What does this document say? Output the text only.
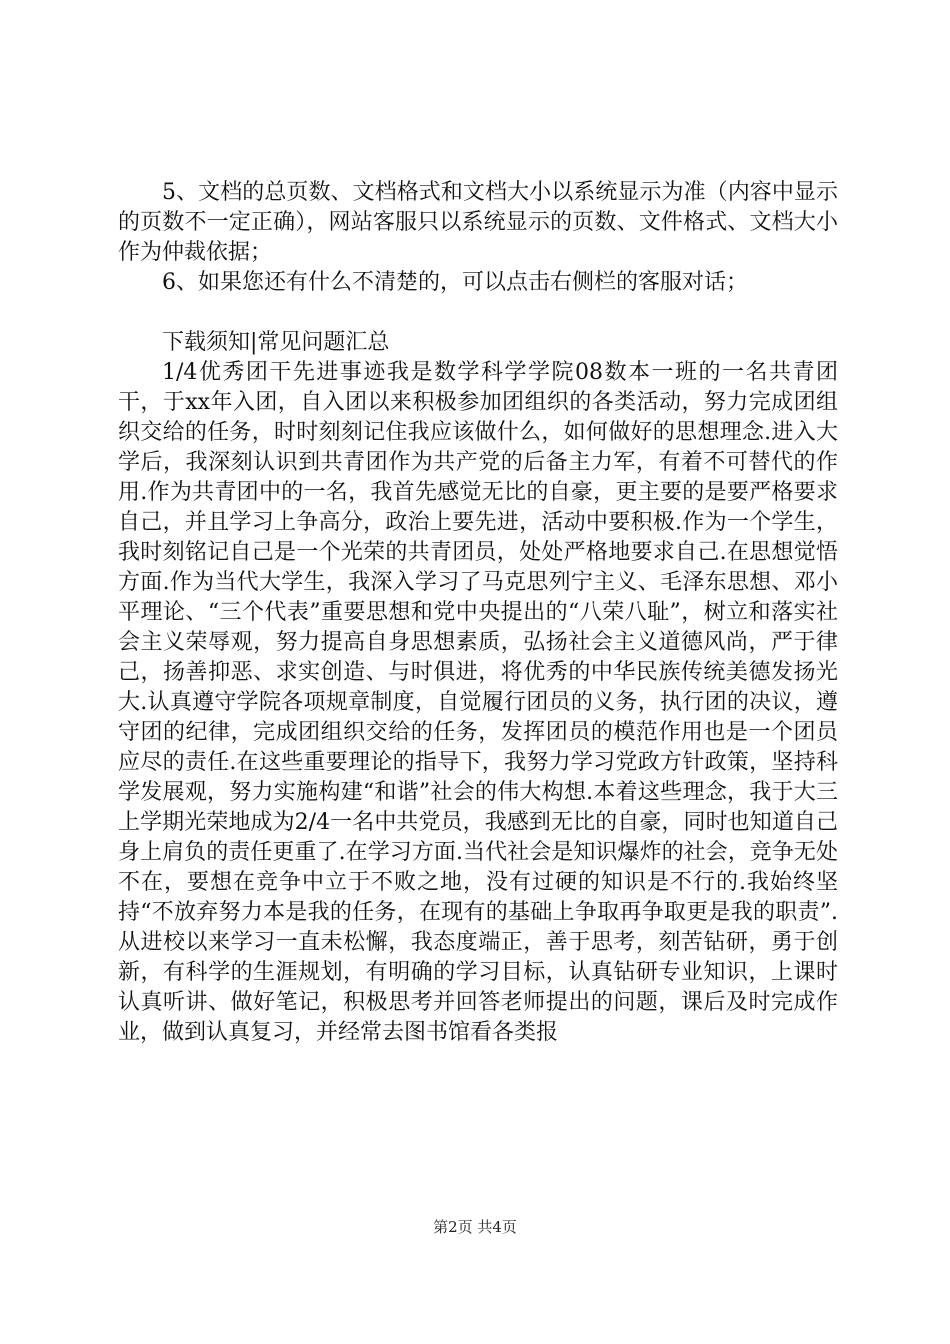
5、文档的总页数、文档格式和文档大小以系统显示为准（内容中显示的页数不一定正确），网站客服只以系统显示的页数、文件格式、文档大小作为仲裁依据；

6、如果您还有什么不清楚的，可以点击右侧栏的客服对话；

下载须知|常见问题汇总

1/4优秀团干先进事迹我是数学科学学院08数本一班的一名共青团干，于xx年入团，自入团以来积极参加团组织的各类活动，努力完成团组织交给的任务，时时刻刻记住我应该做什么，如何做好的思想理念.进入大学后，我深刻认识到共青团作为共产党的后备主力军，有着不可替代的作用.作为共青团中的一名，我首先感觉无比的自豪，更主要的是要严格要求自己，并且学习上争高分，政治上要先进，活动中要积极.作为一个学生，我时刻铭记自己是一个光荣的共青团员，处处严格地要求自己.在思想觉悟方面.作为当代大学生，我深入学习了马克思列宁主义、毛泽东思想、邓小平理论、“三个代表”重要思想和党中央提出的“八荣八耻”，树立和落实社会主义荣辱观，努力提高自身思想素质，弘扬社会主义道德风尚，严于律己，扬善抑恶、求实创造、与时俱进，将优秀的中华民族传统美德发扬光大.认真遵守学院各项规章制度，自觉履行团员的义务，执行团的决议，遵守团的纪律，完成团组织交给的任务，发挥团员的模范作用也是一个团员应尽的责任.在这些重要理论的指导下，我努力学习党政方针政策，坚持科学发展观，努力实施构建“和谐”社会的伟大构想.本着这些理念，我于大三上学期光荣地成为2/4一名中共党员，我感到无比的自豪，同时也知道自己身上肩负的责任更重了.在学习方面.当代社会是知识爆炸的社会，竞争无处不在，要想在竞争中立于不败之地，没有过硬的知识是不行的.我始终坚持“不放弃努力本是我的任务，在现有的基础上争取再争取更是我的职责”.从进校以来学习一直未松懈，我态度端正，善于思考，刻苦钻研，勇于创新，有科学的生涯规划，有明确的学习目标，认真钻研专业知识，上课时认真听讲、做好笔记，积极思考并回答老师提出的问题，课后及时完成作业，做到认真复习，并经常去图书馆看各类报

第2页 共4页
